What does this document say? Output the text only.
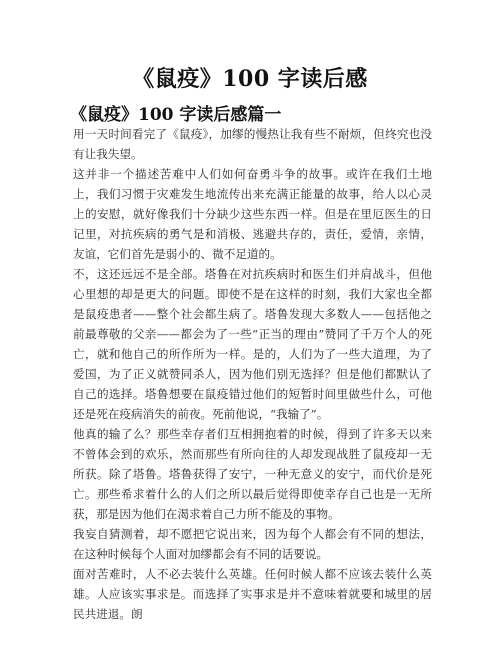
《鼠疫》100 字读后感
《鼠疫》100 字读后感篇一

用一天时间看完了《鼠疫》，加缪的慢热让我有些不耐烦，但终究也没有让我失望。

这并非一个描述苦难中人们如何奋勇斗争的故事。或许在我们土地上，我们习惯于灾难发生地流传出来充满正能量的故事，给人以心灵上的安慰，就好像我们十分缺少这些东西一样。但是在里厄医生的日记里，对抗疾病的勇气是和消极、逃避共存的，责任，爱情，亲情，友谊，它们首先是弱小的、微不足道的。

不，这还远远不是全部。塔鲁在对抗疾病时和医生们并肩战斗，但他心里想的却是更大的问题。即使不是在这样的时刻，我们大家也全都是鼠疫患者——整个社会都生病了。塔鲁发现大多数人——包括他之前最尊敬的父亲——都会为了一些“正当的理由”赞同了千万个人的死亡，就和他自己的所作所为一样。是的，人们为了一些大道理，为了爱国，为了正义就赞同杀人，因为他们别无选择？但是他们都默认了自己的选择。塔鲁想要在鼠疫错过他们的短暂时间里做些什么，可他还是死在疫病消失的前夜。死前他说，“我输了”。

他真的输了么？那些幸存者们互相拥抱着的时候，得到了许多天以来不曾体会到的欢乐，然而那些有所向往的人却发现战胜了鼠疫却一无所获。除了塔鲁。塔鲁获得了安宁，一种无意义的安宁，而代价是死亡。那些希求着什么的人们之所以最后觉得即使幸存自己也是一无所获，那是因为他们在渴求着自己力所不能及的事物。

我妄自猜测着，却不愿把它说出来，因为每个人都会有不同的想法，在这种时候每个人面对加缪都会有不同的话要说。

面对苦难时，人不必去装什么英雄。任何时候人都不应该去装什么英雄。人应该实事求是。而选择了实事求是并不意味着就要和城里的居民共进退。朗
